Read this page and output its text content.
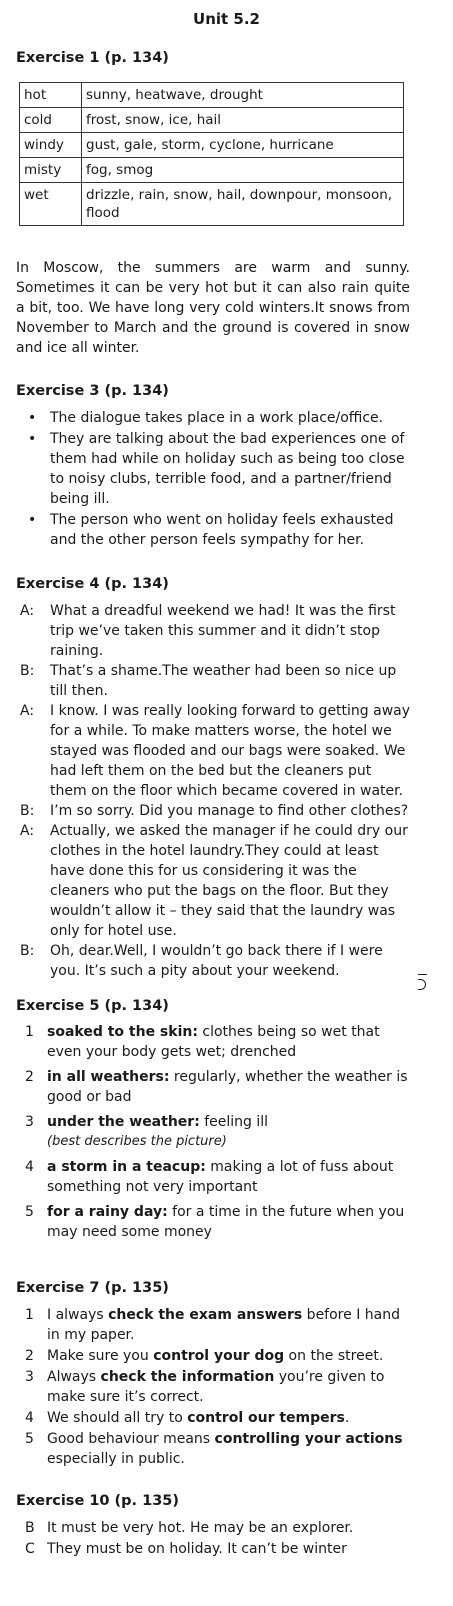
Unit 5.2
Exercise 1 (p. 134)
hot	sunny, heatwave, drought
cold	frost, snow, ice, hail
windy	gust, gale, storm, cyclone, hurricane
misty	fog, smog
wet	drizzle, rain, snow, hail, downpour, monsoon, flood

In Moscow, the summers are warm and sunny. Sometimes it can be very hot but it can also rain quite a bit, too. We have long very cold winters.It snows from November to March and the ground is covered in snow and ice all winter.

Exercise 3 (p. 134)
• The dialogue takes place in a work place/office.
• They are talking about the bad experiences one of them had while on holiday such as being too close to noisy clubs, terrible food, and a partner/friend being ill.
• The person who went on holiday feels exhausted and the other person feels sympathy for her.
Exercise 4 (p. 134)
A: What a dreadful weekend we had! It was the first trip we’ve taken this summer and it didn’t stop raining.
B: That’s a shame.The weather had been so nice up till then.
A: I know. I was really looking forward to getting away for a while. To make matters worse, the hotel we stayed was flooded and our bags were soaked. We had left them on the bed but the cleaners put them on the floor which became covered in water.
B: I’m so sorry. Did you manage to find other clothes?
A: Actually, we asked the manager if he could dry our clothes in the hotel laundry.They could at least have done this for us considering it was the cleaners who put the bags on the floor. But they wouldn’t allow it – they said that the laundry was only for hotel use.
B: Oh, dear.Well, I wouldn’t go back there if I were you. It’s such a pity about your weekend.
Exercise 5 (p. 134)
1 soaked to the skin: clothes being so wet that even your body gets wet; drenched
2 in all weathers: regularly, whether the weather is good or bad
3 under the weather: feeling ill
(best describes the picture)
4 a storm in a teacup: making a lot of fuss about something not very important
5 for a rainy day: for a time in the future when you may need some money
Exercise 7 (p. 135)
1 I always check the exam answers before I hand in my paper.
2 Make sure you control your dog on the street.
3 Always check the information you’re given to make sure it’s correct.
4 We should all try to control our tempers.
5 Good behaviour means controlling your actions especially in public.
Exercise 10 (p. 135)
B It must be very hot. He may be an explorer.
C They must be on holiday. It can’t be winter
